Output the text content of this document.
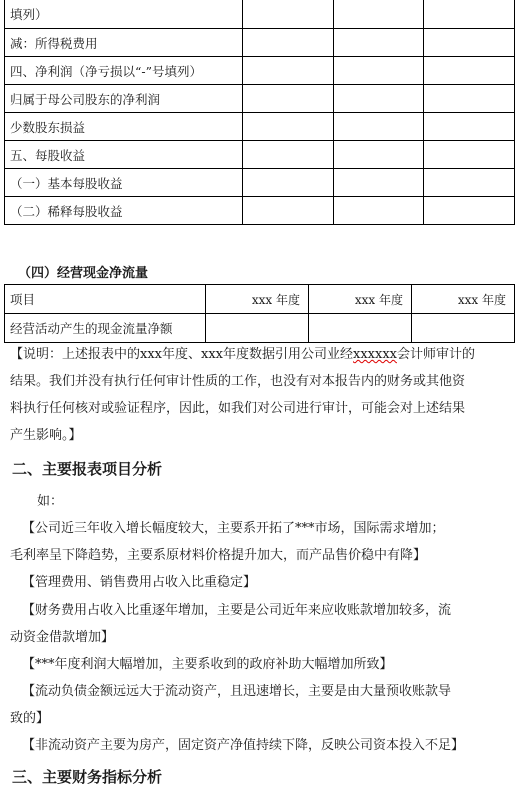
填列）			
减：所得税费用			
四、净利润（净亏损以“-”号填列）			
归属于母公司股东的净利润			
少数股东损益			
五、每股收益			
（一）基本每股收益			
（二）稀释每股收益			
（四）经营现金净流量
项目	xxx 年度	xxx 年度	xxx 年度
经营活动产生的现金流量净额			
【说明：上述报表中的xxx年度、xxx年度数据引用公司业经xxxxxx会计师审计的
结果。我们并没有执行任何审计性质的工作，也没有对本报告内的财务或其他资
料执行任何核对或验证程序，因此，如我们对公司进行审计，可能会对上述结果
产生影响。】
二、主要报表项目分析
如：
【公司近三年收入增长幅度较大，主要系开拓了***市场，国际需求增加；
毛利率呈下降趋势，主要系原材料价格提升加大，而产品售价稳中有降】
【管理费用、销售费用占收入比重稳定】
【财务费用占收入比重逐年增加，主要是公司近年来应收账款增加较多，流
动资金借款增加】
【***年度利润大幅增加，主要系收到的政府补助大幅增加所致】
【流动负债金额远远大于流动资产，且迅速增长，主要是由大量预收账款导
致的】
【非流动资产主要为房产，固定资产净值持续下降，反映公司资本投入不足】
三、主要财务指标分析
